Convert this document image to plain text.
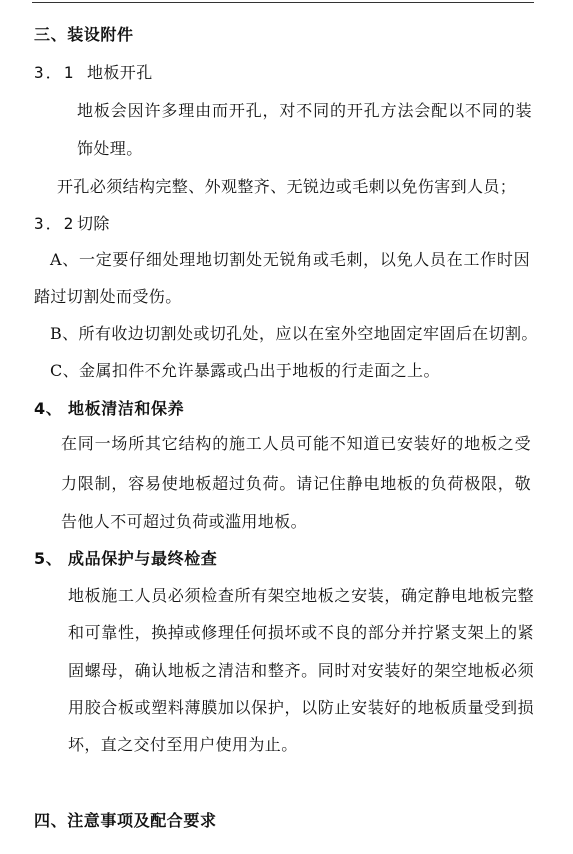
三、装设附件
3．1 地板开孔
地板会因许多理由而开孔，对不同的开孔方法会配以不同的装
饰处理。
开孔必须结构完整、外观整齐、无锐边或毛刺以免伤害到人员；
3．2 切除
A、一定要仔细处理地切割处无锐角或毛刺，以免人员在工作时因
踏过切割处而受伤。
B、所有收边切割处或切孔处，应以在室外空地固定牢固后在切割。
C、金属扣件不允许暴露或凸出于地板的行走面之上。
4、 地板清洁和保养
在同一场所其它结构的施工人员可能不知道已安装好的地板之受
力限制，容易使地板超过负荷。请记住静电地板的负荷极限，敬
告他人不可超过负荷或滥用地板。
5、 成品保护与最终检查
地板施工人员必须检查所有架空地板之安装，确定静电地板完整
和可靠性，换掉或修理任何损坏或不良的部分并拧紧支架上的紧
固螺母，确认地板之清洁和整齐。同时对安装好的架空地板必须
用胶合板或塑料薄膜加以保护，以防止安装好的地板质量受到损
坏，直之交付至用户使用为止。
四、注意事项及配合要求
